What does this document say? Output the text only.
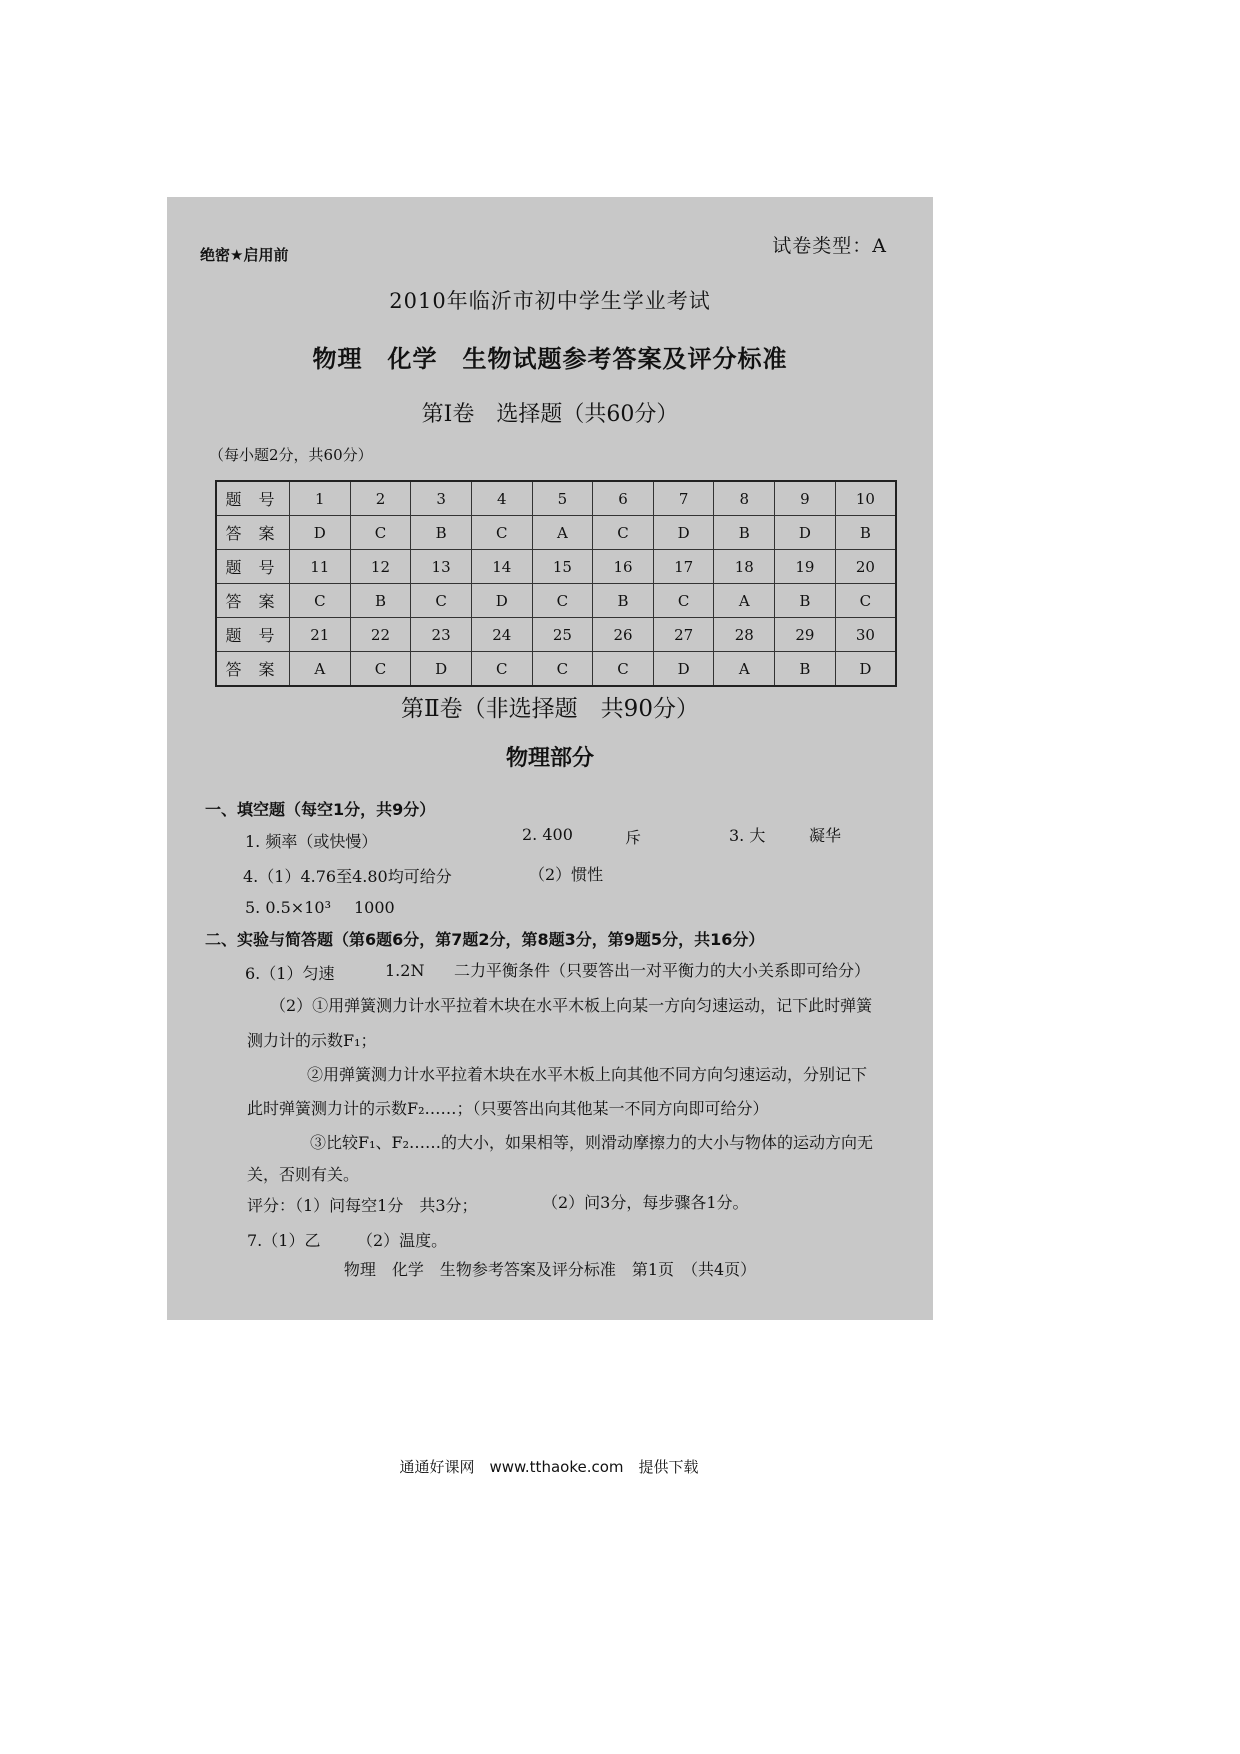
绝密★启用前	试卷类型：A
2010年临沂市初中学生学业考试
物理　化学　生物试题参考答案及评分标准
第Ⅰ卷　选择题（共60分）
（每小题2分，共60分）
题 号	1	2	3	4	5	6	7	8	9	10
答 案	D	C	B	C	A	C	D	B	D	B
题 号	11	12	13	14	15	16	17	18	19	20
答 案	C	B	C	D	C	B	C	A	B	C
题 号	21	22	23	24	25	26	27	28	29	30
答 案	A	C	D	C	C	C	D	A	B	D
第Ⅱ卷（非选择题　共90分）
物理部分
一、填空题（每空1分，共9分）
1. 频率（或快慢）	2. 400	斥	3. 大	凝华
4.（1）4.76至4.80均可给分	（2）惯性
5. 0.5×10³ 1000
二、实验与简答题（第6题6分，第7题2分，第8题3分，第9题5分，共16分）
6.（1）匀速	1.2N 二力平衡条件（只要答出一对平衡力的大小关系即可给分）
（2）①用弹簧测力计水平拉着木块在水平木板上向某一方向匀速运动，记下此时弹簧
测力计的示数F₁；
②用弹簧测力计水平拉着木块在水平木板上向其他不同方向匀速运动，分别记下
此时弹簧测力计的示数F₂……；（只要答出向其他某一不同方向即可给分）
③比较F₁、F₂……的大小，如果相等，则滑动摩擦力的大小与物体的运动方向无
关，否则有关。
评分：（1）问每空1分　共3分；	（2）问3分，每步骤各1分。
7.（1）乙 （2）温度。
物理　化学　生物参考答案及评分标准　第1页　（共4页）
通通好课网　www.tthaoke.com　提供下载
